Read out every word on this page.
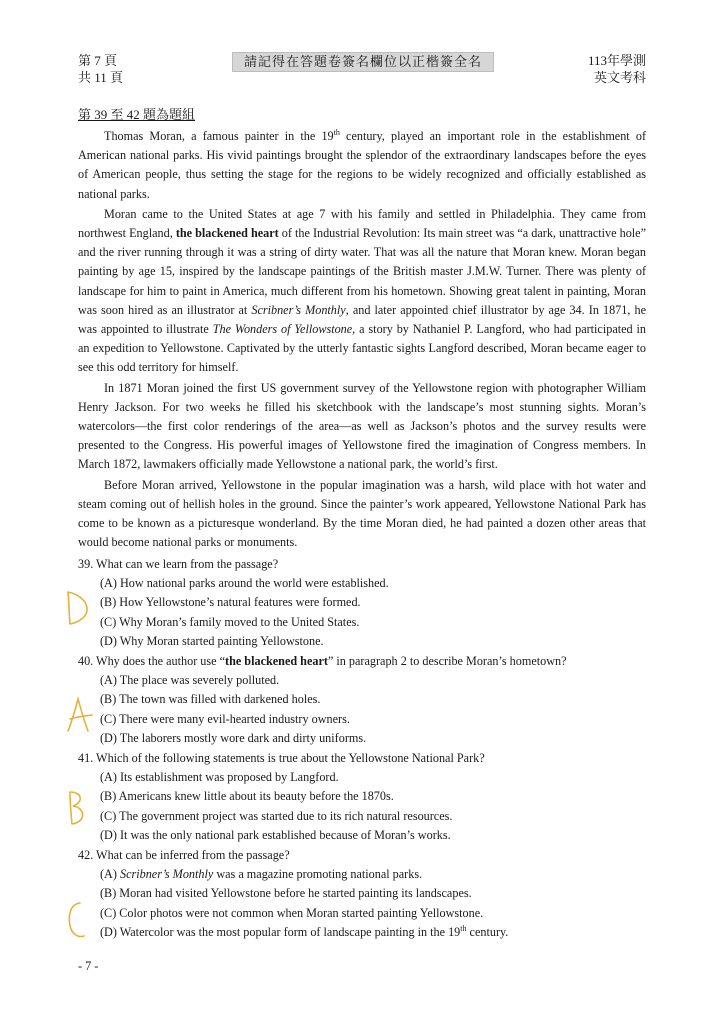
第 7 頁
共 11 頁
請記得在答題卷簽名欄位以正楷簽全名	113年學測
英文考科
第 39 至 42 題為題組

Thomas Moran, a famous painter in the 19th century, played an important role in the establishment of American national parks. His vivid paintings brought the splendor of the extraordinary landscapes before the eyes of American people, thus setting the stage for the regions to be widely recognized and officially established as national parks.

Moran came to the United States at age 7 with his family and settled in Philadelphia. They came from northwest England, the blackened heart of the Industrial Revolution: Its main street was “a dark, unattractive hole” and the river running through it was a string of dirty water. That was all the nature that Moran knew. Moran began painting by age 15, inspired by the landscape paintings of the British master J.M.W. Turner. There was plenty of landscape for him to paint in America, much different from his hometown. Showing great talent in painting, Moran was soon hired as an illustrator at Scribner’s Monthly, and later appointed chief illustrator by age 34. In 1871, he was appointed to illustrate The Wonders of Yellowstone, a story by Nathaniel P. Langford, who had participated in an expedition to Yellowstone. Captivated by the utterly fantastic sights Langford described, Moran became eager to see this odd territory for himself.

In 1871 Moran joined the first US government survey of the Yellowstone region with photographer William Henry Jackson. For two weeks he filled his sketchbook with the landscape’s most stunning sights. Moran’s watercolors—the first color renderings of the area—as well as Jackson’s photos and the survey results were presented to the Congress. His powerful images of Yellowstone fired the imagination of Congress members. In March 1872, lawmakers officially made Yellowstone a national park, the world’s first.

Before Moran arrived, Yellowstone in the popular imagination was a harsh, wild place with hot water and steam coming out of hellish holes in the ground. Since the painter’s work appeared, Yellowstone National Park has come to be known as a picturesque wonderland. By the time Moran died, he had painted a dozen other areas that would become national parks or monuments.

39. What can we learn from the passage?

(A) How national parks around the world were established.

(B) How Yellowstone’s natural features were formed.

(C) Why Moran’s family moved to the United States.

(D) Why Moran started painting Yellowstone.

40. Why does the author use “the blackened heart” in paragraph 2 to describe Moran’s hometown?

(A) The place was severely polluted.

(B) The town was filled with darkened holes.

(C) There were many evil-hearted industry owners.

(D) The laborers mostly wore dark and dirty uniforms.

41. Which of the following statements is true about the Yellowstone National Park?

(A) Its establishment was proposed by Langford.

(B) Americans knew little about its beauty before the 1870s.

(C) The government project was started due to its rich natural resources.

(D) It was the only national park established because of Moran’s works.

42. What can be inferred from the passage?

(A) Scribner’s Monthly was a magazine promoting national parks.

(B) Moran had visited Yellowstone before he started painting its landscapes.

(C) Color photos were not common when Moran started painting Yellowstone.

(D) Watercolor was the most popular form of landscape painting in the 19th century.

- 7 -
